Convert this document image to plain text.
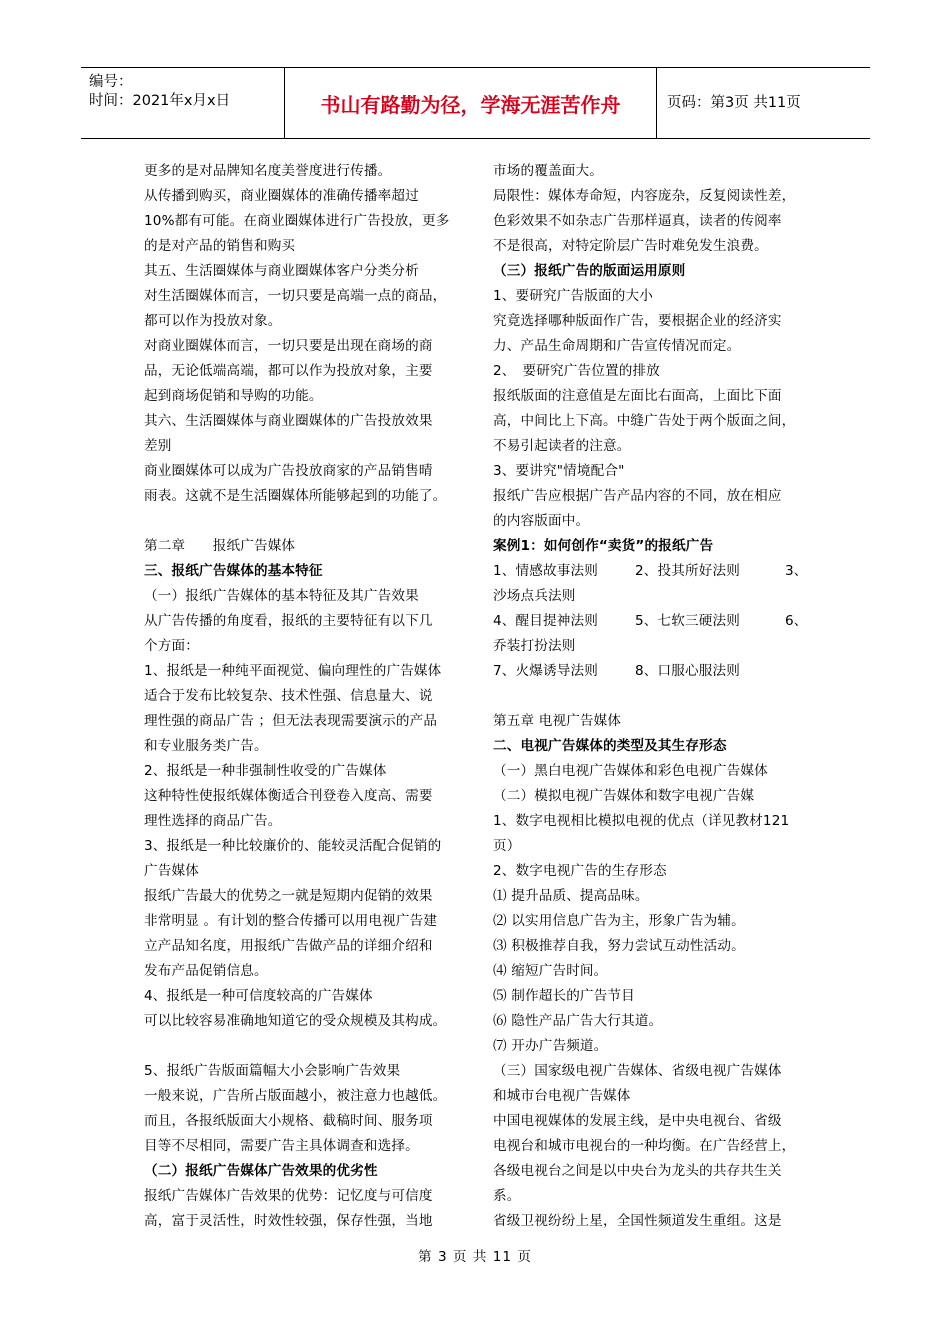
编号：
时间：2021年x月x日	书山有路勤为径，学海无涯苦作舟	页码：第3页 共11页
更多的是对品牌知名度美誉度进行传播。
从传播到购买，商业圈媒体的准确传播率超过
10%都有可能。在商业圈媒体进行广告投放，更多
的是对产品的销售和购买
其五、生活圈媒体与商业圈媒体客户分类分析
对生活圈媒体而言，一切只要是高端一点的商品，
都可以作为投放对象。
对商业圈媒体而言，一切只要是出现在商场的商
品，无论低端高端，都可以作为投放对象，主要
起到商场促销和导购的功能。
其六、生活圈媒体与商业圈媒体的广告投放效果
差别
商业圈媒体可以成为广告投放商家的产品销售晴
雨表。这就不是生活圈媒体所能够起到的功能了。
第二章　　报纸广告媒体
三、报纸广告媒体的基本特征
（一）报纸广告媒体的基本特征及其广告效果
从广告传播的角度看，报纸的主要特征有以下几
个方面：
1、报纸是一种纯平面视觉、偏向理性的广告媒体
适合于发布比较复杂、技术性强、信息量大、说
理性强的商品广告 ；但无法表现需要演示的产品
和专业服务类广告。
2、报纸是一种非强制性收受的广告媒体
这种特性使报纸媒体衡适合刊登卷入度高、需要
理性选择的商品广告。
3、报纸是一种比较廉价的、能较灵活配合促销的
广告媒体
报纸广告最大的优势之一就是短期内促销的效果
非常明显 。有计划的整合传播可以用电视广告建
立产品知名度，用报纸广告做产品的详细介绍和
发布产品促销信息。
4、报纸是一种可信度较高的广告媒体
可以比较容易准确地知道它的受众规模及其构成。
5、报纸广告版面篇幅大小会影响广告效果
一般来说，广告所占版面越小，被注意力也越低。
而且，各报纸版面大小规格、截稿时间、服务项
目等不尽相同，需要广告主具体调查和选择。
（二）报纸广告媒体广告效果的优劣性
报纸广告媒体广告效果的优势：记忆度与可信度
高，富于灵活性，时效性较强，保存性强，当地
市场的覆盖面大。
局限性：媒体寿命短，内容庞杂，反复阅读性差，
色彩效果不如杂志广告那样逼真，读者的传阅率
不是很高，对特定阶层广告时难免发生浪费。
（三）报纸广告的版面运用原则
1、要研究广告版面的大小
究竟选择哪种版面作广告，要根据企业的经济实
力、产品生命周期和广告宣传情况而定。
2、　要研究广告位置的排放
报纸版面的注意值是左面比右面高，上面比下面
高，中间比上下高。中缝广告处于两个版面之间，
不易引起读者的注意。
3、要讲究"情境配合"
报纸广告应根据广告产品内容的不同，放在相应
的内容版面中。
案例1：如何创作“卖货”的报纸广告
1、情感故事法则	2、投其所好法则	3、
沙场点兵法则
4、醒目提神法则	5、七软三硬法则	6、
乔装打扮法则
7、火爆诱导法则	8、口服心服法则
第五章 电视广告媒体
二、电视广告媒体的类型及其生存形态
（一）黑白电视广告媒体和彩色电视广告媒体
（二）模拟电视广告媒体和数字电视广告媒
1、数字电视相比模拟电视的优点（详见教材121
页）
2、数字电视广告的生存形态
⑴ 提升品质、提高品味。
⑵ 以实用信息广告为主，形象广告为辅。
⑶ 积极推荐自我，努力尝试互动性活动。
⑷ 缩短广告时间。
⑸ 制作超长的广告节目
⑹ 隐性产品广告大行其道。
⑺ 开办广告频道。
（三）国家级电视广告媒体、省级电视广告媒体
和城市台电视广告媒体
中国电视媒体的发展主线，是中央电视台、省级
电视台和城市电视台的一种均衡。在广告经营上，
各级电视台之间是以中央台为龙头的共存共生关
系。
省级卫视纷纷上星，全国性频道发生重组。这是
第 3 页 共 11 页
